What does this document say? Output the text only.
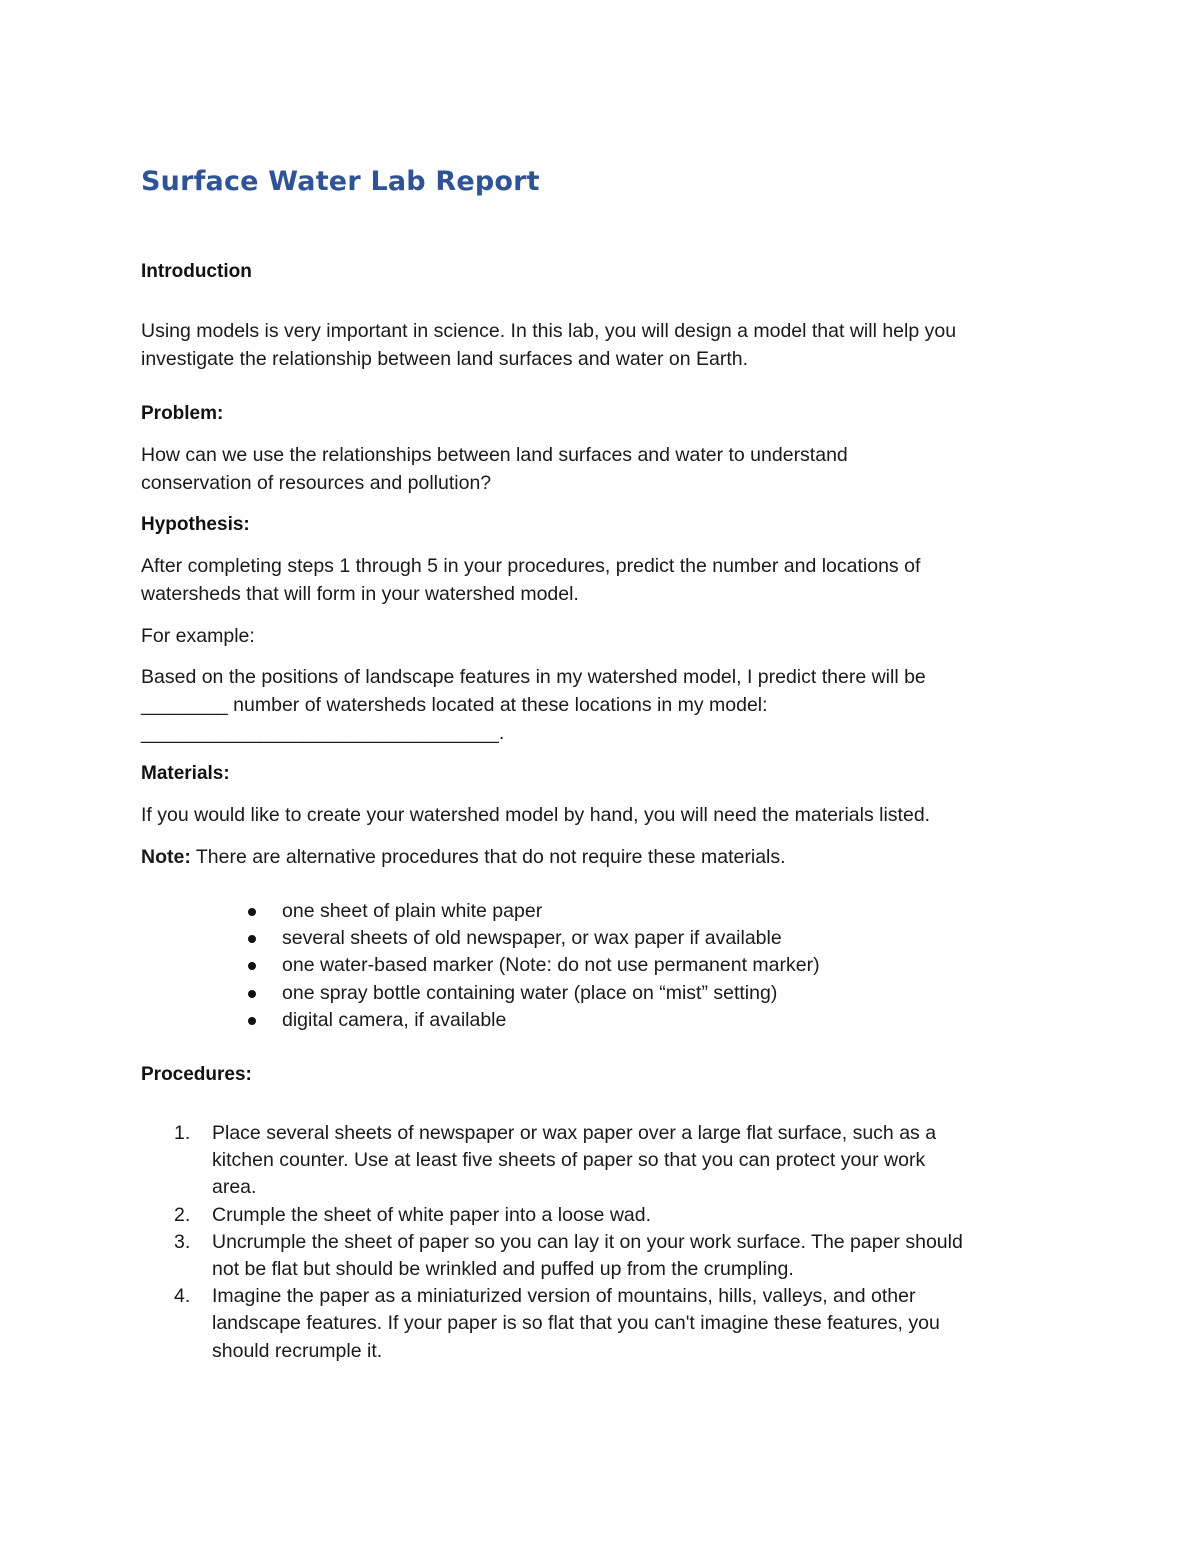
Surface Water Lab Report
Introduction
Using models is very important in science. In this lab, you will design a model that will help you
investigate the relationship between land surfaces and water on Earth.
Problem:
How can we use the relationships between land surfaces and water to understand
conservation of resources and pollution?
Hypothesis:
After completing steps 1 through 5 in your procedures, predict the number and locations of
watersheds that will form in your watershed model.
For example:
Based on the positions of landscape features in my watershed model, I predict there will be
________ number of watersheds located at these locations in my model:
_________________________________.
Materials:
If you would like to create your watershed model by hand, you will need the materials listed.
Note: There are alternative procedures that do not require these materials.
one sheet of plain white paper
several sheets of old newspaper, or wax paper if available
one water-based marker (Note: do not use permanent marker)
one spray bottle containing water (place on “mist” setting)
digital camera, if available
Procedures:
1. Place several sheets of newspaper or wax paper over a large flat surface, such as a
kitchen counter. Use at least five sheets of paper so that you can protect your work
area.
2. Crumple the sheet of white paper into a loose wad.
3. Uncrumple the sheet of paper so you can lay it on your work surface. The paper should
not be flat but should be wrinkled and puffed up from the crumpling.
4. Imagine the paper as a miniaturized version of mountains, hills, valleys, and other
landscape features. If your paper is so flat that you can't imagine these features, you
should recrumple it.
